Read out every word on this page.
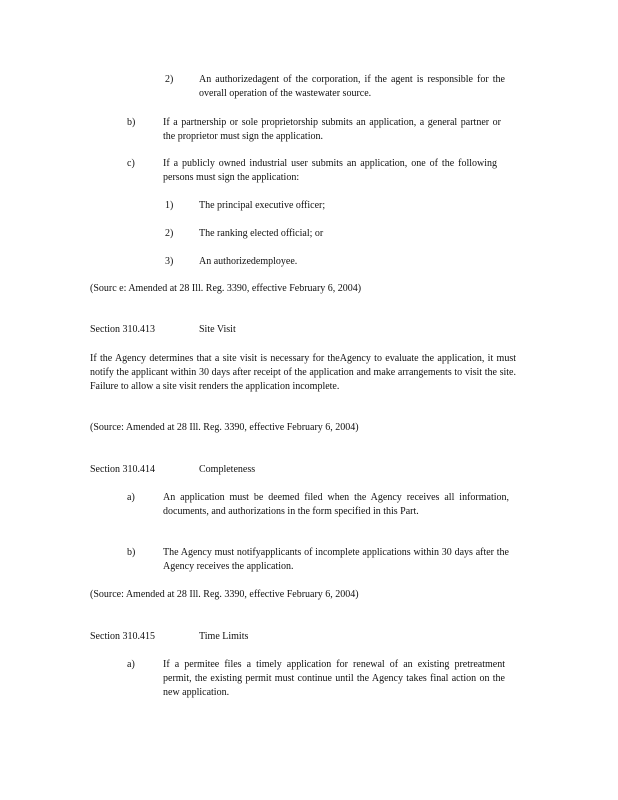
2)	An authorizedagent of the corporation, if the agent is responsible for the overall operation of the wastewater source.
b)	If a partnership or sole proprietorship submits an application, a general partner or the proprietor must sign the application.
c)	If a publicly owned industrial user submits an application, one of the following persons must sign the application:
1)	The principal executive officer;
2)	The ranking elected official; or
3)	An authorizedemployee.
(Sourc e: Amended at 28 Ill. Reg. 3390, effective February 6, 2004)
Section 310.413	Site Visit
If the Agency determines that a site visit is necessary for theAgency to evaluate the application, it must notify the applicant within 30 days after receipt of the application and make arrangements to visit the site. Failure to allow a site visit renders the application incomplete.
(Source: Amended at 28 Ill. Reg. 3390, effective February 6, 2004)
Section 310.414	Completeness
a)	An application must be deemed filed when the Agency receives all information, documents, and authorizations in the form specified in this Part.
b)	The Agency must notifyapplicants of incomplete applications within 30 days after the Agency receives the application.
(Source: Amended at 28 Ill. Reg. 3390, effective February 6, 2004)
Section 310.415	Time Limits
a)	If a permitee files a timely application for renewal of an existing pretreatment permit, the existing permit must continue until the Agency takes final action on the new application.
